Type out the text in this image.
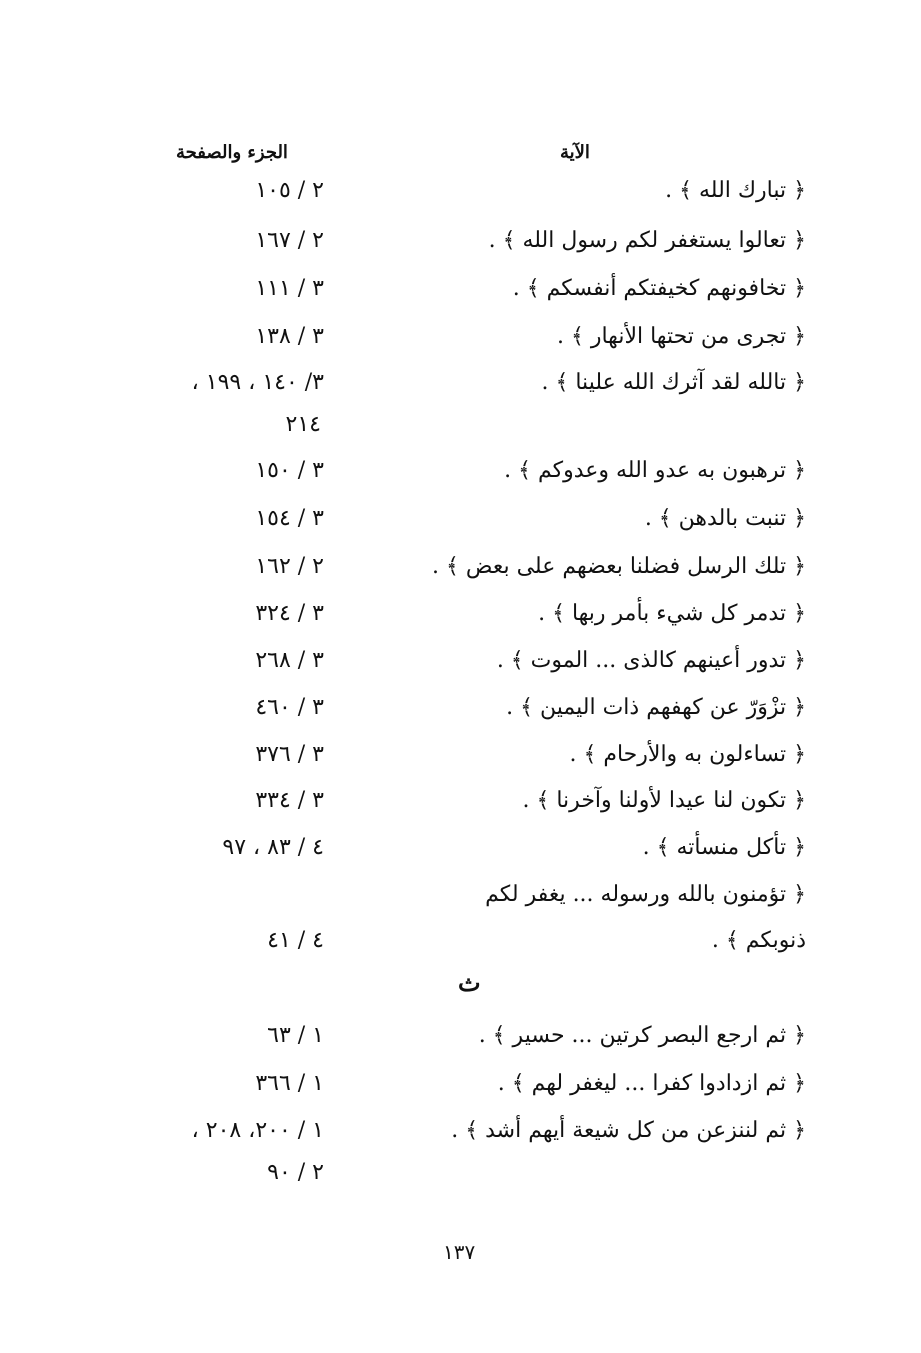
الآية
الجزء والصفحة
﴿ تبارك الله ﴾ .
٢ / ١٠٥
﴿ تعالوا يستغفر لكم رسول الله ﴾ .
٢ / ١٦٧
﴿ تخافونهم كخيفتكم أنفسكم ﴾ .
٣ / ١١١
﴿ تجرى من تحتها الأنهار ﴾ .
٣ / ١٣٨
﴿ تالله لقد آثرك الله علينا ﴾ .
٣/ ١٤٠ ، ١٩٩ ،
٢١٤
﴿ ترهبون به عدو الله وعدوكم ﴾ .
٣ / ١٥٠
﴿ تنبت بالدهن ﴾ .
٣ / ١٥٤
﴿ تلك الرسل فضلنا بعضهم على بعض ﴾ .
٢ / ١٦٢
﴿ تدمر كل شيء بأمر ربها ﴾ .
٣ / ٣٢٤
﴿ تدور أعينهم كالذى ... الموت ﴾ .
٣ / ٢٦٨
﴿ تزْوَرّ عن كهفهم ذات اليمين ﴾ .
٣ / ٤٦٠
﴿ تساءلون به والأرحام ﴾ .
٣ / ٣٧٦
﴿ تكون لنا عيدا لأولنا وآخرنا ﴾ .
٣ / ٣٣٤
﴿ تأكل منسأته ﴾ .
٤ / ٨٣ ، ٩٧
﴿ تؤمنون بالله ورسوله ... يغفر لكم
ذنوبكم ﴾ .
٤ / ٤١
ث
﴿ ثم ارجع البصر كرتين ... حسير ﴾ .
١ / ٦٣
﴿ ثم ازدادوا كفرا ... ليغفر لهم ﴾ .
١ / ٣٦٦
﴿ ثم لننزعن من كل شيعة أيهم أشد ﴾ .
١ / ٢٠٠، ٢٠٨ ،
٢ / ٩٠
١٣٧
